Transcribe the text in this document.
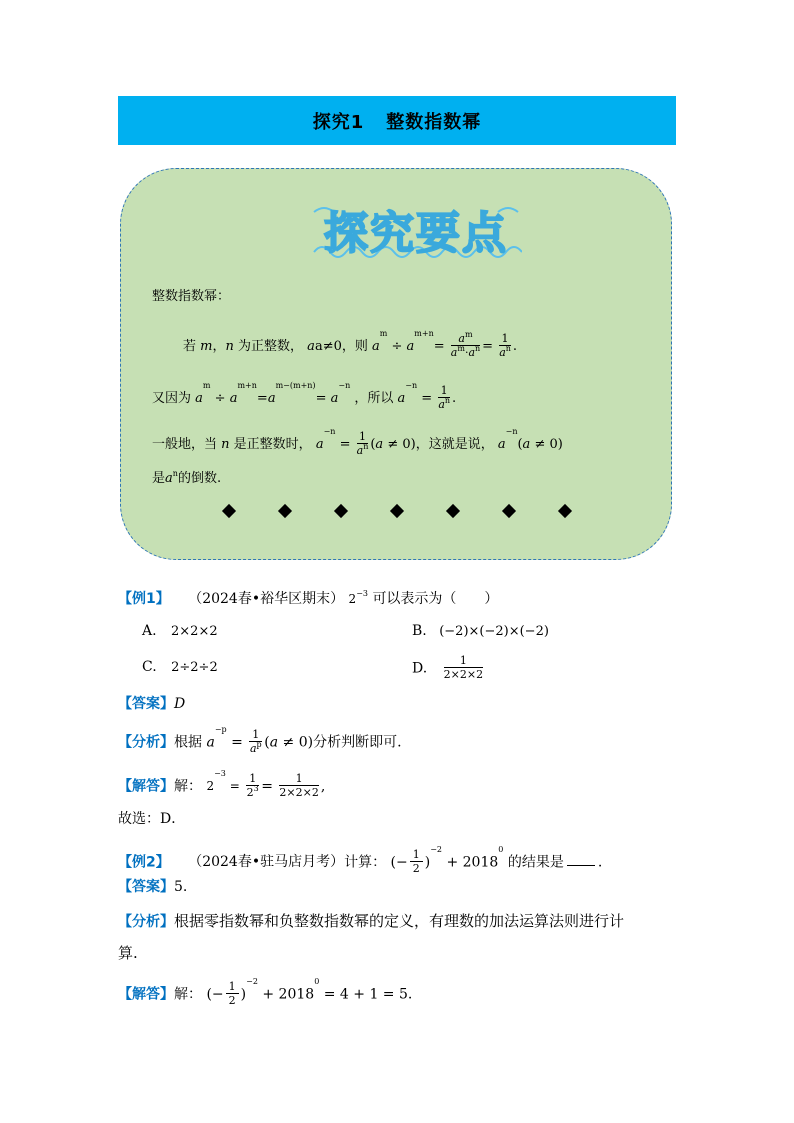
探究1 整数指数幂
探究要点
整数指数幂：
若 m，n 为正整数， aa≠0，则 $a^m \div a^{m+n}= \frac{a^m}{a^m\cdot a^n} = \frac{1}{a^n}$ .
又因为 $a^m \div a^{m+n}=a^{m-(m+n)}= a^{-n}$ ，所以 $a^{-n} = \frac{1}{a^n}$ .
一般地，当 n 是正整数时， $a^{-n} = \frac{1}{a^n} (a \ne 0)$，这就是说， $a^{-n}(a \ne 0)$
是$a^n$的倒数.
【例1】 （2024春•裕华区期末） $2^{-3}$ 可以表示为（　　）
A. 2×2×2	B. (−2)×(−2)×(−2)
C. 2÷2÷2	D. $\frac{1}{2\times 2\times 2}$
【答案】D
【分析】根据 $a^{-p} = \frac{1}{a^p} (a \ne 0)$分析判断即可.
【解答】解： $2^{-3} = \frac{1}{2^3} = \frac{1}{2\times 2\times 2}$ ,
故选：D．
【例2】 （2024春•驻马店月考）计算： (− $\frac{1}{2} )^{-2} + 2018^0$ 的结果是 .
【答案】5.
【分析】根据零指数幂和负整数指数幂的定义，有理数的加法运算法则进行计
算.
【解答】解： (− $\frac{1}{2} )^{-2} + 2018^0 = 4 + 1 = 5$.
